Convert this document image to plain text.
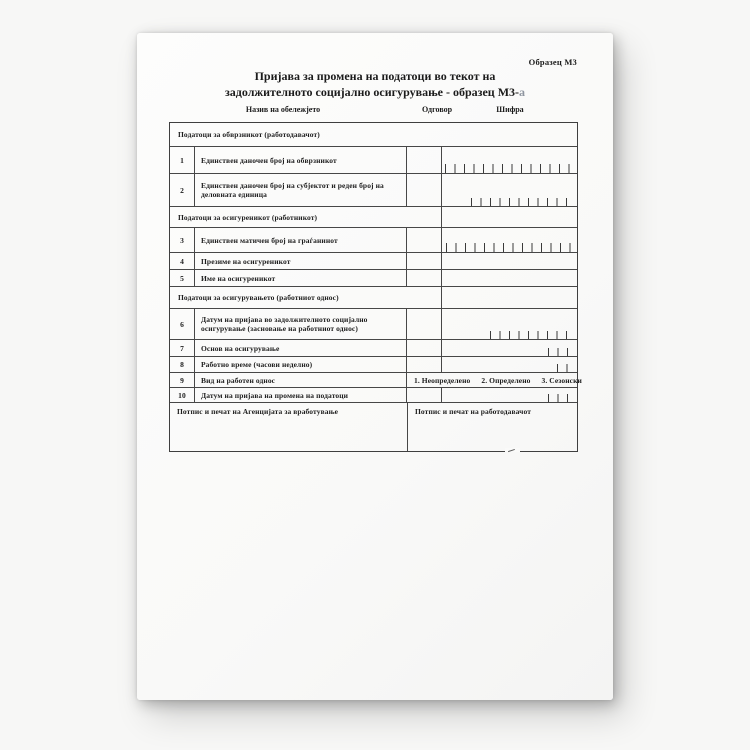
Образец М3
Пријава за промена на податоци во текот на
задолжителното социјално осигурување - образец М3-а
Назив на обележјето	Одговор	Шифра
Податоци за обврзникот (работодавачот)
1	Единствен даночен број на обврзникот
2	Единствен даночен број на субјектот и реден број на деловната единица
Податоци за осигуреникот (работникот)
3	Единствен матичен број на граѓанинот
4	Презиме на осигуреникот
5	Име на осигуреникот
Податоци за осигурувањето (работниот однос)
6	Датум на пријава во задолжителното социјално осигурување (засновање на работниот однос)
7	Основ на осигурување
8	Работно време (часови неделно)
9	Вид на работен однос	1. Неопределено 2. Определено 3. Сезонски
10	Датум на пријава на промена на податоци
Потпис и печат на Агенцијата за вработување	Потпис и печат на работодавачот
